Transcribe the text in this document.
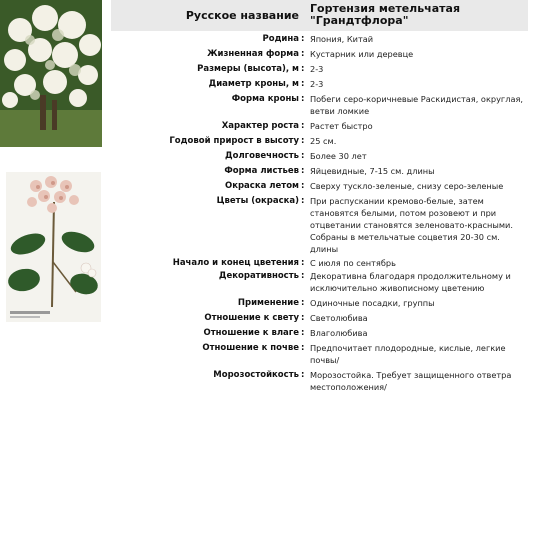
Русское название
Гортензия метельчатая "Грандтфлора"
Родина : Япония, Китай
Жизненная форма : Кустарник или деревце
Размеры (высота), м : 2-3
Диаметр кроны, м : 2-3
Форма кроны : Побеги серо-коричневые Раскидистая, округлая, ветви ломкие
Характер роста : Растет быстро
Годовой прирост в высоту : 25 см.
Долговечность : Более 30 лет
Форма листьев : Яйцевидные, 7-15 см. длины
Окраска летом : Сверху тускло-зеленые, снизу серо-зеленые
Цветы (окраска) : При распускании кремово-белые, затем становятся белыми, потом розовеют и при отцветании становятся зеленовато-красными. Собраны в метельчатые соцветия 20-30 см. длины
Начало и конец цветения : С июля по сентябрь
Декоративность : Декоративна благодаря продолжительному и исключительно живописному цветению
Применение : Одиночные посадки, группы
Отношение к свету : Светолюбива
Отношение к влаге : Влаголюбива
Отношение к почве : Предпочитает плодородные, кислые, легкие почвы/
Морозостойкость : Морозостойка. Требует защищенного ответра местоположения/
